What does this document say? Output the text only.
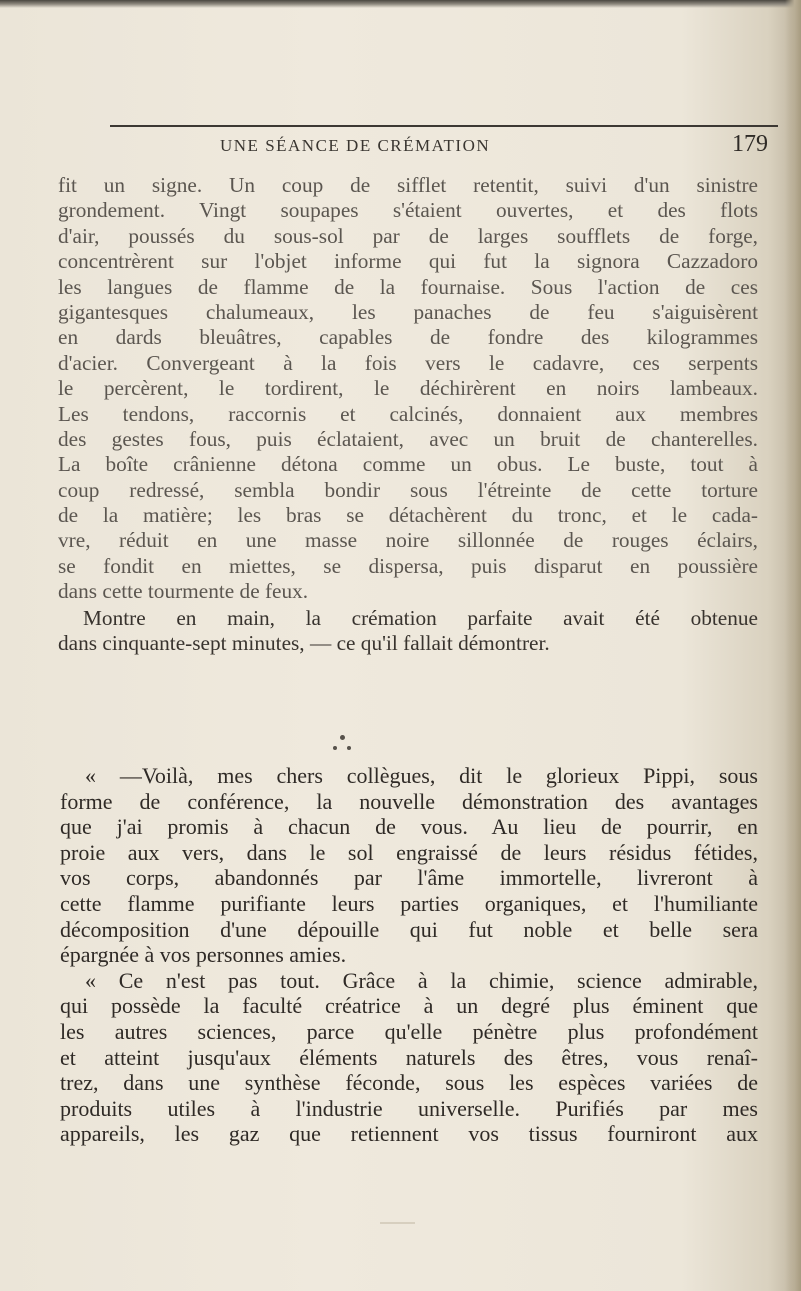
UNE SÉANCE DE CRÉMATION	179
fit un signe. Un coup de sifflet retentit, suivi d'un sinistre
grondement. Vingt soupapes s'étaient ouvertes, et des flots
d'air, poussés du sous-sol par de larges soufflets de forge,
concentrèrent sur l'objet informe qui fut la signora Cazzadoro
les langues de flamme de la fournaise. Sous l'action de ces
gigantesques chalumeaux, les panaches de feu s'aiguisèrent
en dards bleuâtres, capables de fondre des kilogrammes
d'acier. Convergeant à la fois vers le cadavre, ces serpents
le percèrent, le tordirent, le déchirèrent en noirs lambeaux.
Les tendons, raccornis et calcinés, donnaient aux membres
des gestes fous, puis éclataient, avec un bruit de chanterelles.
La boîte crânienne détona comme un obus. Le buste, tout à
coup redressé, sembla bondir sous l'étreinte de cette torture
de la matière; les bras se détachèrent du tronc, et le cada-
vre, réduit en une masse noire sillonnée de rouges éclairs,
se fondit en miettes, se dispersa, puis disparut en poussière
dans cette tourmente de feux.
Montre en main, la crémation parfaite avait été obtenue
dans cinquante-sept minutes, — ce qu'il fallait démontrer.
« —Voilà, mes chers collègues, dit le glorieux Pippi, sous
forme de conférence, la nouvelle démonstration des avantages
que j'ai promis à chacun de vous. Au lieu de pourrir, en
proie aux vers, dans le sol engraissé de leurs résidus fétides,
vos corps, abandonnés par l'âme immortelle, livreront à
cette flamme purifiante leurs parties organiques, et l'humiliante
décomposition d'une dépouille qui fut noble et belle sera
épargnée à vos personnes amies.
« Ce n'est pas tout. Grâce à la chimie, science admirable,
qui possède la faculté créatrice à un degré plus éminent que
les autres sciences, parce qu'elle pénètre plus profondément
et atteint jusqu'aux éléments naturels des êtres, vous renaî-
trez, dans une synthèse féconde, sous les espèces variées de
produits utiles à l'industrie universelle. Purifiés par mes
appareils, les gaz que retiennent vos tissus fourniront aux
